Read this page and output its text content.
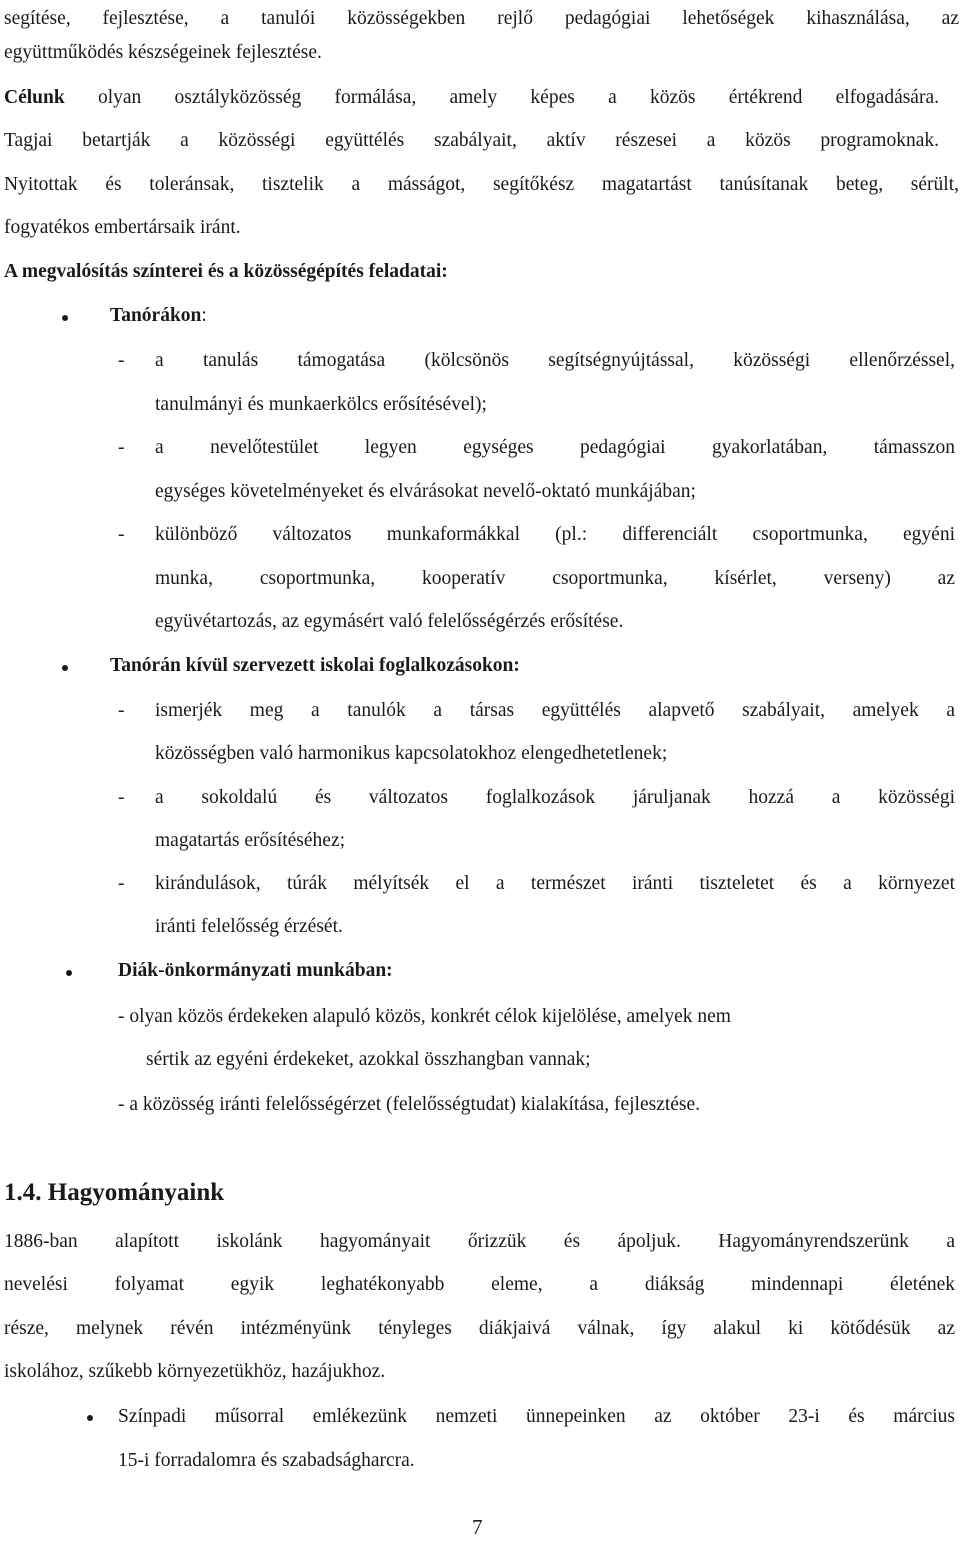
segítése, fejlesztése, a tanulói közösségekben rejlő pedagógiai lehetőségek kihasználása, az
együttműködés készségeinek fejlesztése.
Célunk olyan osztályközösség formálása, amely képes a közös értékrend elfogadására.
Tagjai betartják a közösségi együttélés szabályait, aktív részesei a közös programoknak.
Nyitottak és toleránsak, tisztelik a másságot, segítőkész magatartást tanúsítanak beteg, sérült,
fogyatékos embertársaik iránt.
A megvalósítás színterei és a közösségépítés feladatai:
Tanórákon:
- a tanulás támogatása (kölcsönös segítségnyújtással, közösségi ellenőrzéssel,
tanulmányi és munkaerkölcs erősítésével);
- a nevelőtestület legyen egységes pedagógiai gyakorlatában, támasszon
egységes követelményeket és elvárásokat nevelő-oktató munkájában;
- különböző változatos munkaformákkal (pl.: differenciált csoportmunka, egyéni
munka, csoportmunka, kooperatív csoportmunka, kísérlet, verseny) az
együvétartozás, az egymásért való felelősségérzés erősítése.
Tanórán kívül szervezett iskolai foglalkozásokon:
- ismerjék meg a tanulók a társas együttélés alapvető szabályait, amelyek a
közösségben való harmonikus kapcsolatokhoz elengedhetetlenek;
- a sokoldalú és változatos foglalkozások járuljanak hozzá a közösségi
magatartás erősítéséhez;
- kirándulások, túrák mélyítsék el a természet iránti tiszteletet és a környezet
iránti felelősség érzését.
Diák-önkormányzati munkában:
- olyan közös érdekeken alapuló közös, konkrét célok kijelölése, amelyek nem
sértik az egyéni érdekeket, azokkal összhangban vannak;
- a közösség iránti felelősségérzet (felelősségtudat) kialakítása, fejlesztése.
1.4. Hagyományaink
1886-ban alapított iskolánk hagyományait őrizzük és ápoljuk. Hagyományrendszerünk a
nevelési folyamat egyik leghatékonyabb eleme, a diákság mindennapi életének
része, melynek révén intézményünk tényleges diákjaivá válnak, így alakul ki kötődésük az
iskolához, szűkebb környezetükhöz, hazájukhoz.
Színpadi műsorral emlékezünk nemzeti ünnepeinken az október 23-i és március
15-i forradalomra és szabadságharcra.
7
